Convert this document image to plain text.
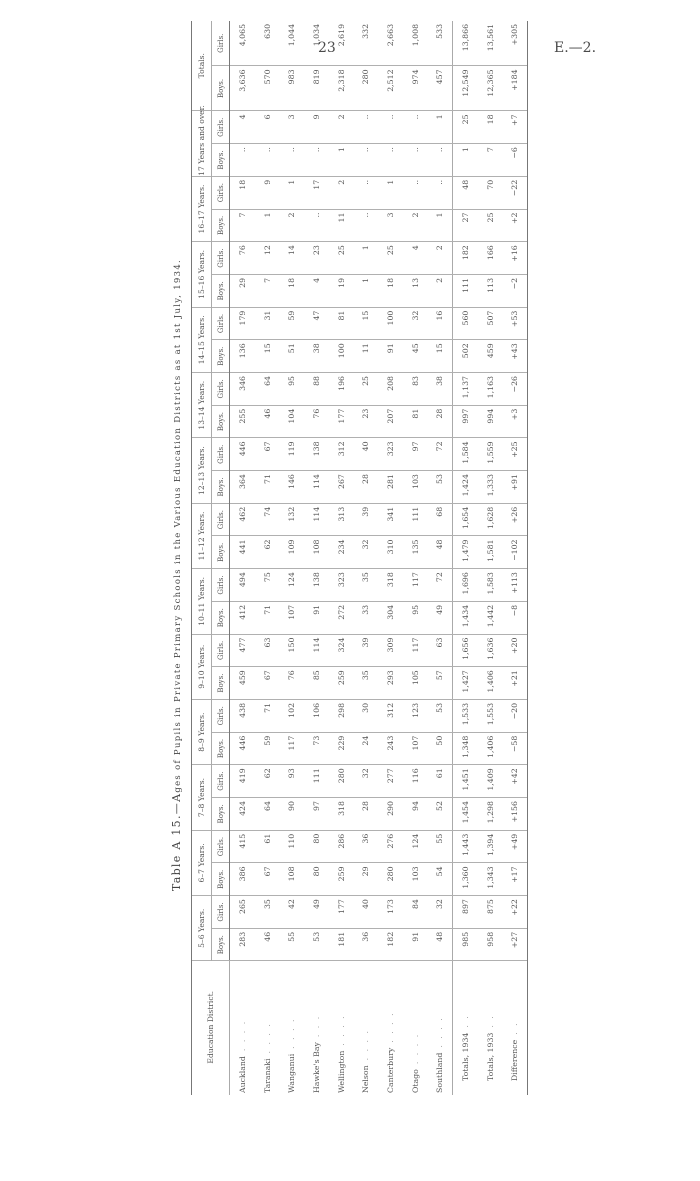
23	E.—2.
Table A 15.—Ages of Pupils in Private Primary Schools in the Various Education Districts as at 1st July, 1934.
Education District.	5–6 Years.		6–7 Years.		7–8 Years.		8–9 Years.		9–10 Years.		10–11 Years.		11–12 Years.		12–13 Years.		13–14 Years.		14–15 Years.		15–16 Years.		16–17 Years.		17 Years and over.		Totals.	
	Boys.	Girls.	Boys.	Girls.	Boys.	Girls.	Boys.	Girls.	Boys.	Girls.	Boys.	Girls.	Boys.	Girls.	Boys.	Girls.	Boys.	Girls.	Boys.	Girls.	Boys.	Girls.	Boys.	Girls.	Boys.	Girls.	Boys.	Girls.
Auckland  . . . .	283	265	386	415	424	419	446	438	459	477	412	494	441	462	364	446	255	346	136	179	29	76	7	18	..	4	3,636	4,065
Taranaki  . . . .	46	35	67	61	64	62	59	71	67	63	71	75	62	74	71	67	46	64	15	31	7	12	1	9	..	6	570	630
Wanganui  . . . .	55	42	108	110	90	93	117	102	76	150	107	124	109	132	146	119	104	95	51	59	18	14	2	1	..	3	983	1,044
Hawke's Bay  . . .	53	49	80	80	97	111	73	106	85	114	91	138	108	114	114	138	76	88	38	47	4	23	..	17	..	9	819	1,034
Wellington  . . . .	181	177	259	286	318	280	229	298	259	324	272	323	234	313	267	312	177	196	100	81	19	25	11	2	1	2	2,318	2,619
Nelson  . . . .	36	40	29	36	28	32	24	30	35	39	33	35	32	39	28	40	23	25	11	15	1	1	..	..	..	..	280	332
Canterbury  . . . .	182	173	280	276	290	277	243	312	293	309	304	318	310	341	281	323	207	208	91	100	18	25	3	1	..	..	2,512	2,663
Otago  . . . .	91	84	103	124	94	116	107	123	105	117	95	117	135	111	103	97	81	83	45	32	13	4	2	..	..	..	974	1,008
Southland  . . . .	48	32	54	55	52	61	50	53	57	63	49	72	48	68	53	72	28	38	15	16	2	2	1	..	..	1	457	533
Totals, 1934  . .	985	897	1,360	1,443	1,454	1,451	1,348	1,533	1,427	1,656	1,434	1,696	1,479	1,654	1,424	1,584	997	1,137	502	560	111	182	27	48	1	25	12,549	13,866
Totals, 1933  . .	958	875	1,343	1,394	1,298	1,409	1,406	1,553	1,406	1,636	1,442	1,583	1,581	1,628	1,333	1,559	994	1,163	459	507	113	166	25	70	7	18	12,365	13,561
Difference  . .	+27	+22	+17	+49	+156	+42	−58	−20	+21	+20	−8	+113	−102	+26	+91	+25	+3	−26	+43	+53	−2	+16	+2	−22	−6	+7	+184	+305
